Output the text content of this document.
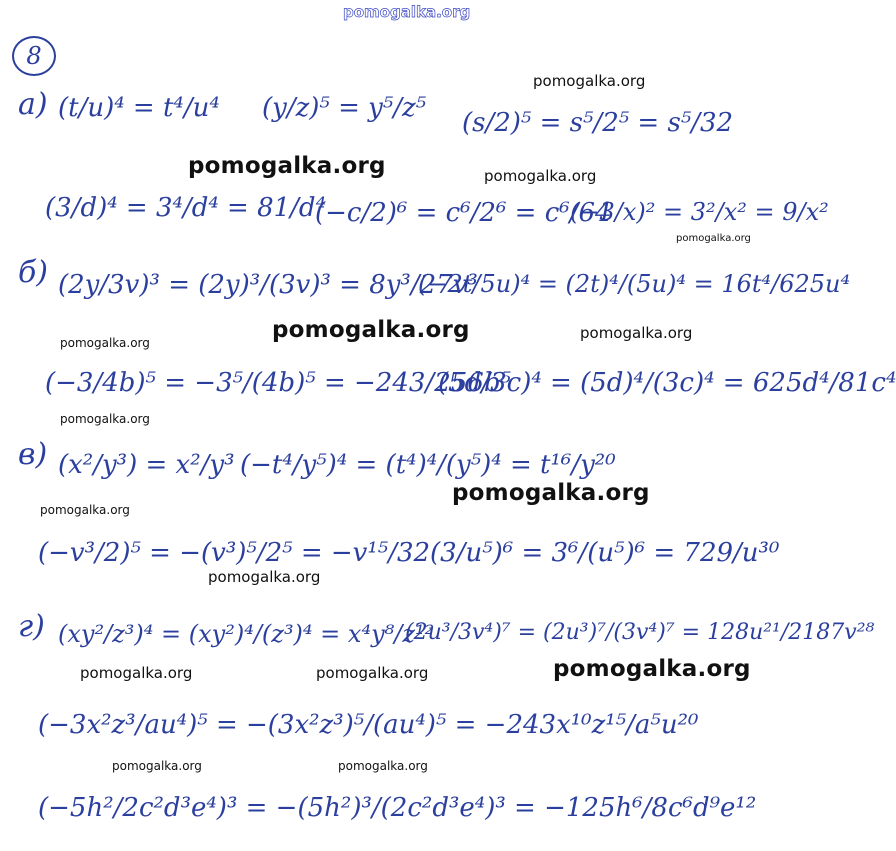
pomogalka.org
8
а) (t/u)⁴ = t⁴/u⁴ (y/z)⁵ = y⁵/z⁵ (s/2)⁵ = s⁵/2⁵ = s⁵/32
(3/d)⁴ = 3⁴/d⁴ = 81/d⁴
(−c/2)⁶ = c⁶/2⁶ = c⁶/64
(−3/x)² = 3²/x² = 9/x²
б) (2y/3v)³ = (2y)³/(3v)³ = 8y³/27v³
(−2t/5u)⁴ = (2t)⁴/(5u)⁴ = 16t⁴/625u⁴
(−3/4b)⁵ = −3⁵/(4b)⁵ = −243/256b⁵
(5d/3c)⁴ = (5d)⁴/(3c)⁴ = 625d⁴/81c⁴
в) (x²/y³) = x²/y³ (−t⁴/y⁵)⁴ = (t⁴)⁴/(y⁵)⁴ = t¹⁶/y²⁰
(−v³/2)⁵ = −(v³)⁵/2⁵ = −v¹⁵/32 (3/u⁵)⁶ = 3⁶/(u⁵)⁶ = 729/u³⁰
г) (xy²/z³)⁴ = (xy²)⁴/(z³)⁴ = x⁴y⁸/z¹²
(2u³/3v⁴)⁷ = (2u³)⁷/(3v⁴)⁷ = 128u²¹/2187v²⁸
(−3x²z³/au⁴)⁵ = −(3x²z³)⁵/(au⁴)⁵ = −243x¹⁰z¹⁵/a⁵u²⁰
(−5h²/2c²d³e⁴)³ = −(5h²)³/(2c²d³e⁴)³ = −125h⁶/8c⁶d⁹e¹²
pomogalka.org
pomogalka.org	pomogalka.org
pomogalka.org
pomogalka.org	pomogalka.org
pomogalka.org
pomogalka.org
pomogalka.org
pomogalka.org
pomogalka.org
pomogalka.org
pomogalka.org	pomogalka.org
pomogalka.org	pomogalka.org
pomogalka.org
